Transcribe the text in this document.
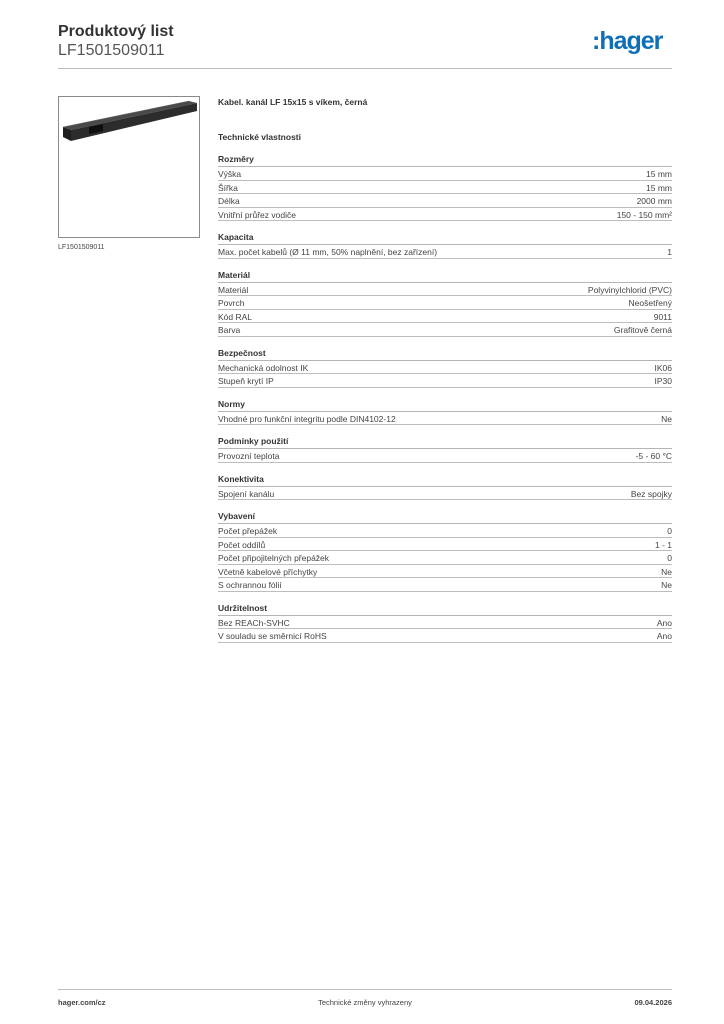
Produktový list
LF1501509011	:hager
LF1501509011
Kabel. kanál LF 15x15 s víkem, černá
Technické vlastnosti
Rozměry
Výška	15 mm
Šířka	15 mm
Délka	2000 mm
Vnitřní průřez vodiče	150 - 150 mm²
Kapacita
Max. počet kabelů (Ø 11 mm, 50% naplnění, bez zařízení)	1
Materiál
Materiál	Polyvinylchlorid (PVC)
Povrch	Neošetřený
Kód RAL	9011
Barva	Grafitově černá
Bezpečnost
Mechanická odolnost IK	IK06
Stupeň krytí IP	IP30
Normy
Vhodné pro funkční integritu podle DIN4102-12	Ne
Podmínky použití
Provozní teplota	-5 - 60 °C
Konektivita
Spojení kanálu	Bez spojky
Vybavení
Počet přepážek	0
Počet oddílů	1 - 1
Počet připojitelných přepážek	0
Včetně kabelové příchytky	Ne
S ochrannou fólií	Ne
Udržitelnost
Bez REACh-SVHC	Ano
V souladu se směrnicí RoHS	Ano
Technické změny vyhrazeny
hager.com/cz	09.04.2026
